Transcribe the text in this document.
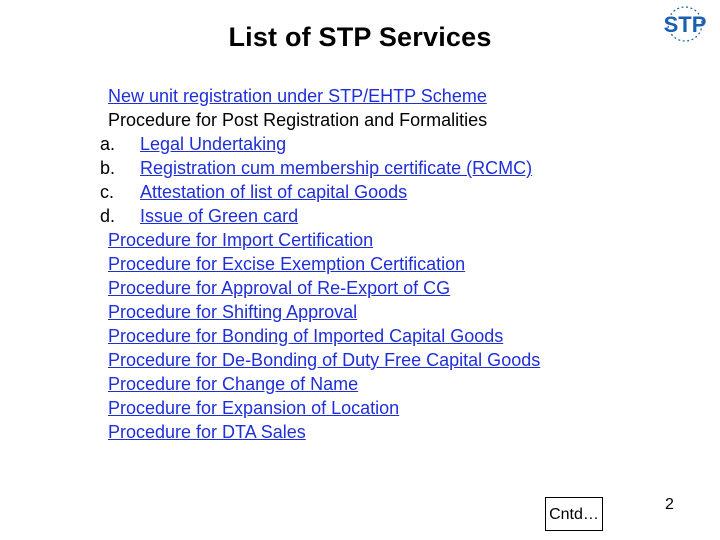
List of STP Services	STP
New unit registration under STP/EHTP Scheme
Procedure for Post Registration and Formalities
a.	Legal Undertaking
b.	Registration cum membership certificate (RCMC)
c.	Attestation of list of capital Goods
d.	Issue of Green card
Procedure for Import Certification
Procedure for Excise Exemption Certification
Procedure for Approval of Re-Export of CG
Procedure for Shifting Approval
Procedure for Bonding of Imported Capital Goods
Procedure for De-Bonding of Duty Free Capital Goods
Procedure for Change of Name
Procedure for Expansion of Location
Procedure for DTA Sales
Cntd…
2
